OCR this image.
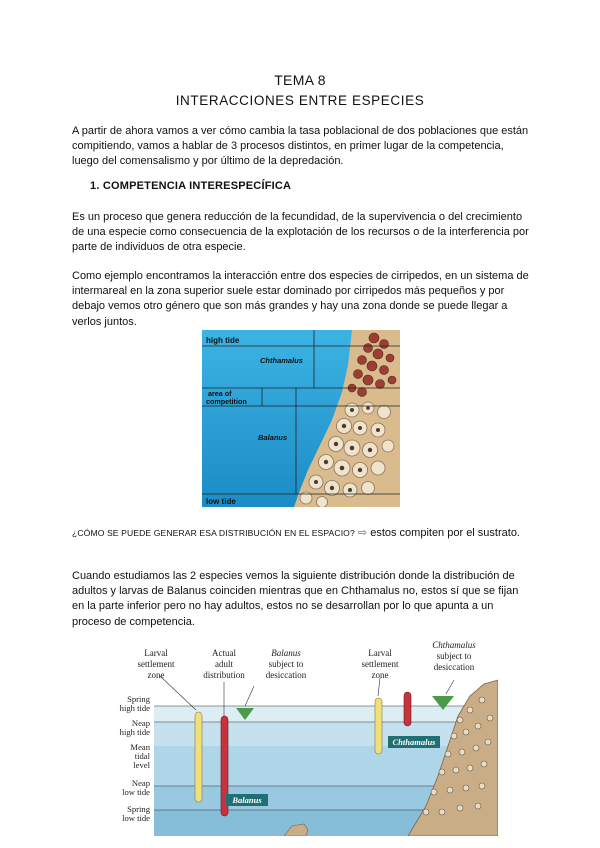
TEMA 8
INTERACCIONES ENTRE ESPECIES
A partir de ahora vamos a ver cómo cambia la tasa poblacional de dos poblaciones que están compitiendo, vamos a hablar de 3 procesos distintos, en primer lugar de la competencia, luego del comensalismo y por último de la depredación.
1. COMPETENCIA INTERESPECÍFICA
Es un proceso que genera reducción de la fecundidad, de la supervivencia o del crecimiento de una especie como consecuencia de la explotación de los recursos o de la interferencia por parte de individuos de otra especie.
Como ejemplo encontramos la interacción entre dos especies de cirripedos, en un sistema de intermareal en la zona superior suele estar dominado por cirripedos más pequeños y por debajo vemos otro género que son más grandes y hay una zona donde se puede llegar a verlos juntos.
high tide
Chthamalus
area of
competition
Balanus
low tide
¿CÓMO SE PUEDE GENERAR ESA DISTRIBUCIÓN EN EL ESPACIO? ⇨ estos compiten por el sustrato.
Cuando estudiamos las 2 especies vemos la siguiente distribución donde la distribución de adultos y larvas de Balanus coinciden mientras que en Chthamalus no, estos sí que se fijan en la parte inferior pero no hay adultos, estos no se desarrollan por lo que apunta a un proceso de competencia.
Larval
settlement
zone
Actual
adult
distribution
Balanus
subject to
desiccation
Larval
settlement
zone
Chthamalus
subject to
desiccation
Spring
high tide
Neap
high tide
Mean
tidal
level
Neap
low tide
Spring
low tide
Chthamalus
Balanus
